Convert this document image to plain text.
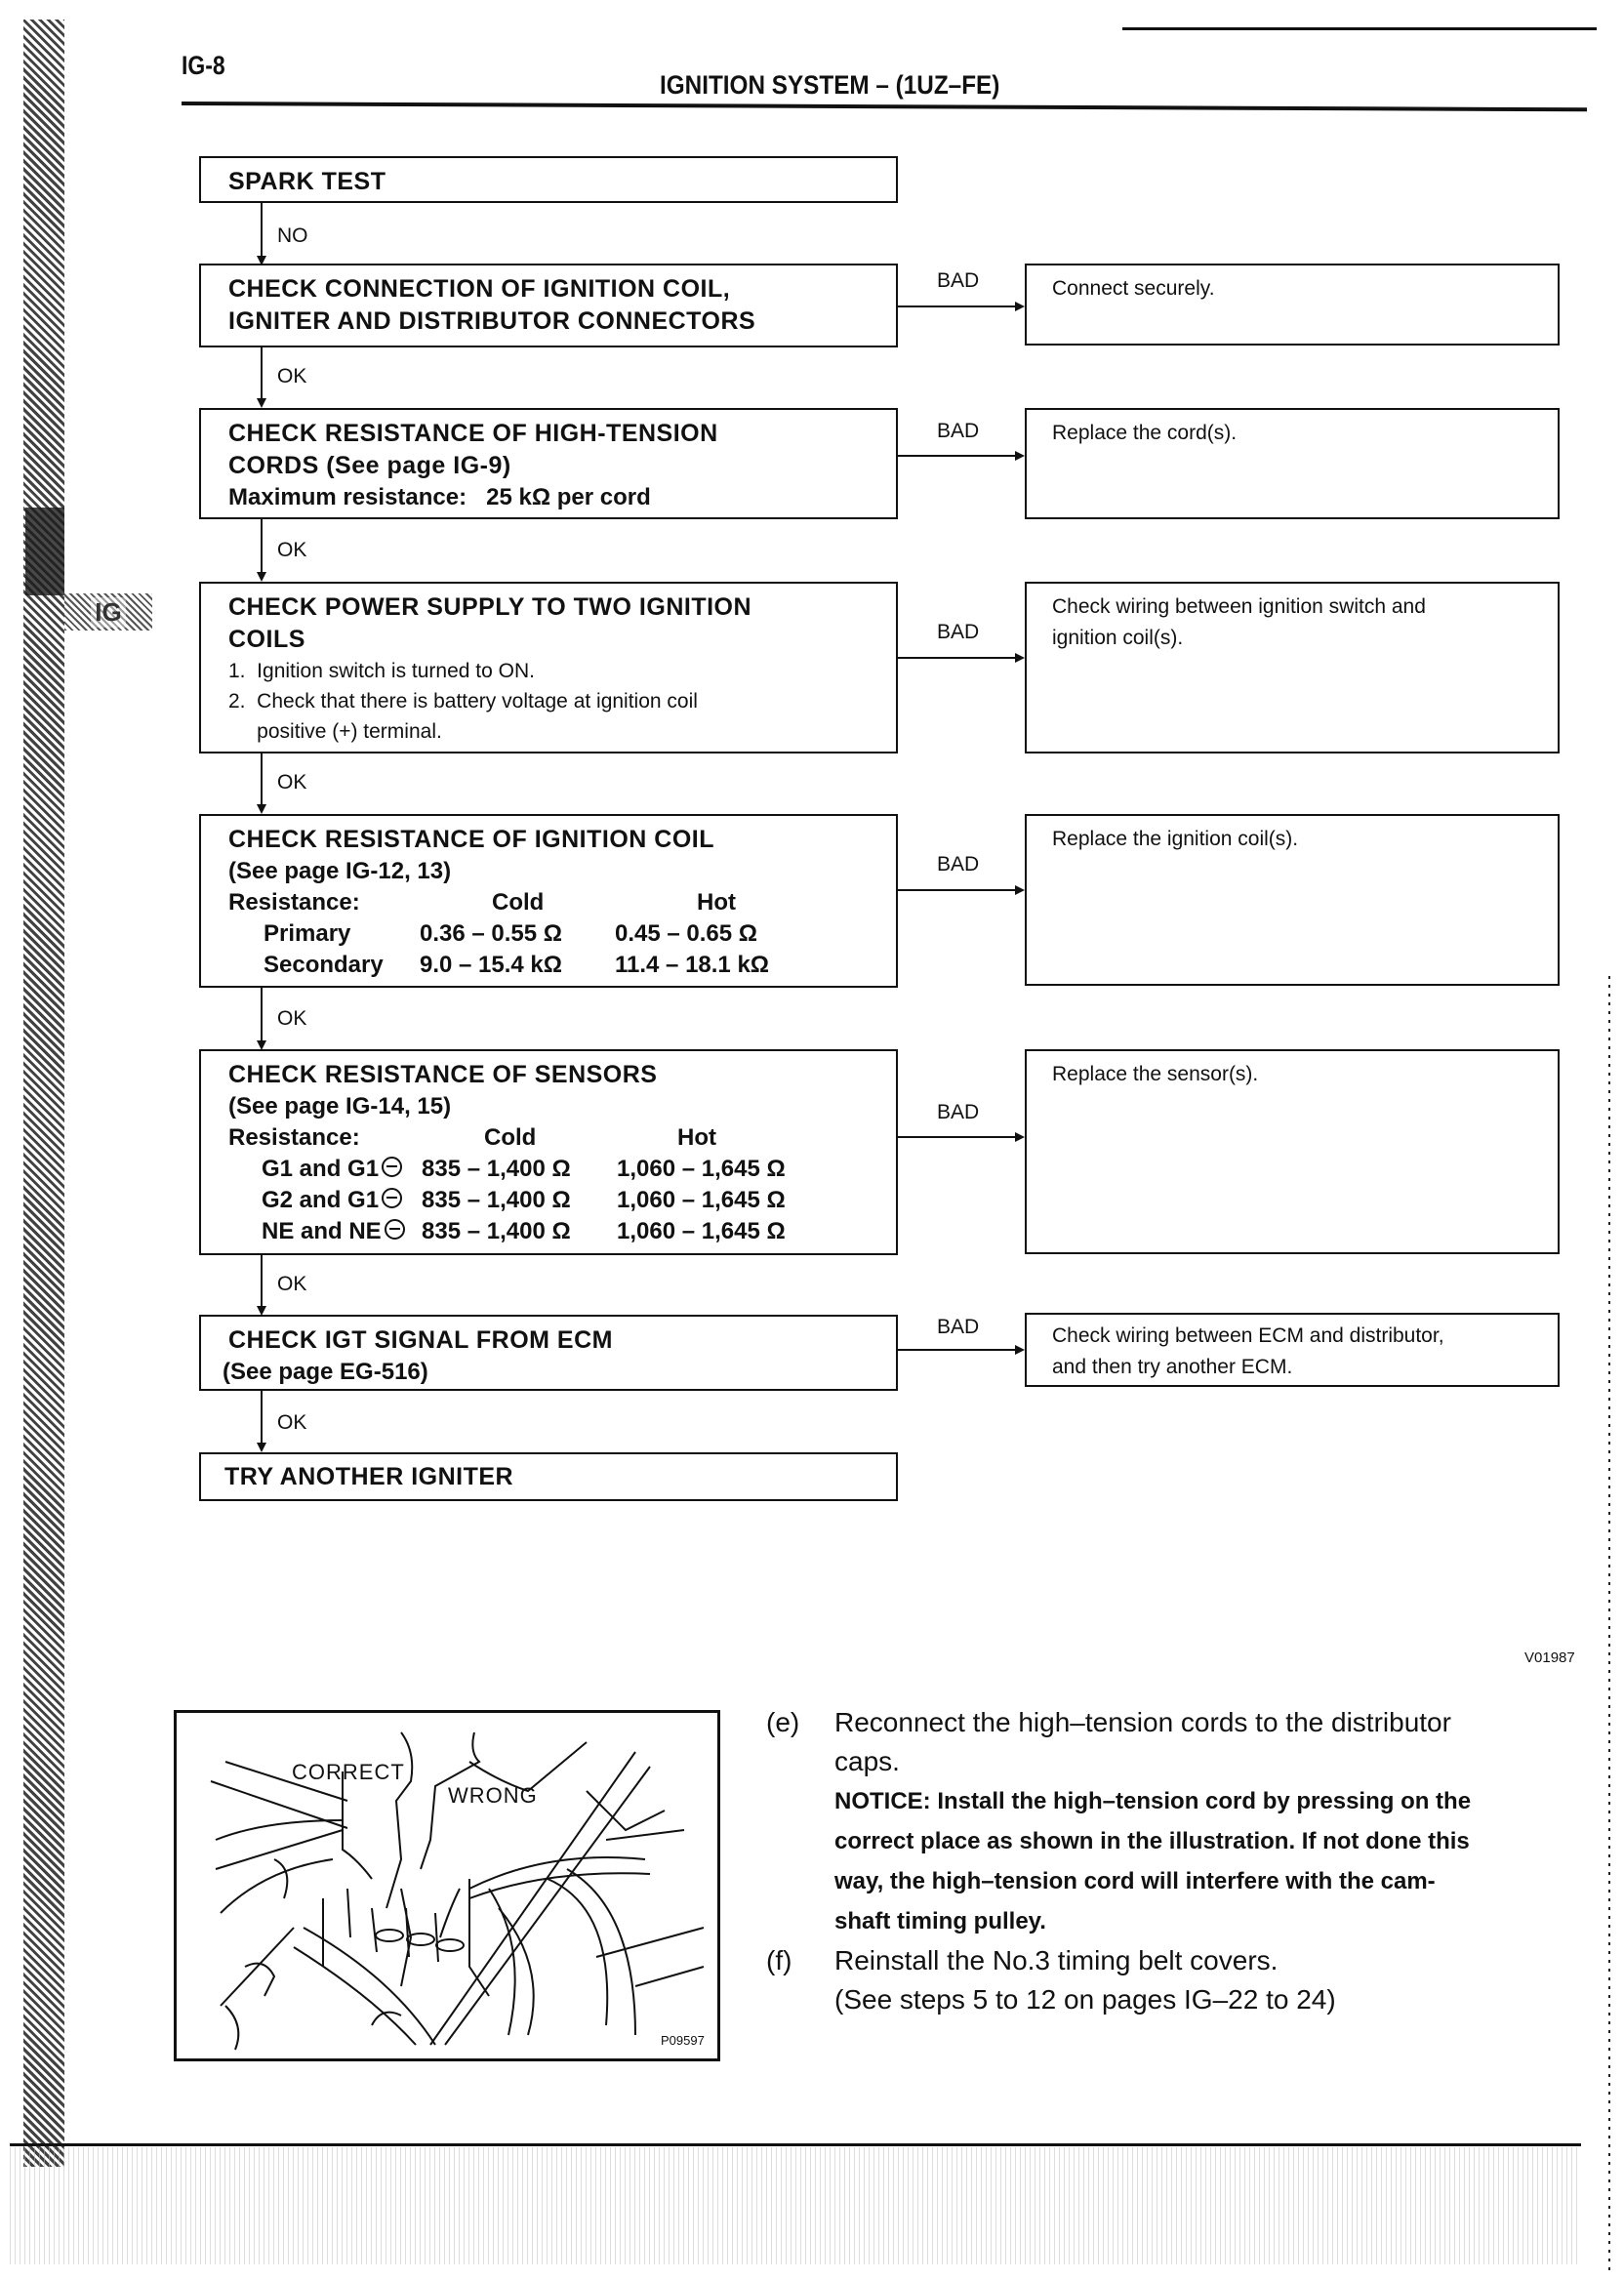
IG
IG-8
IGNITION SYSTEM – (1UZ–FE)
SPARK TEST
NO
CHECK CONNECTION OF IGNITION COIL,
IGNITER AND DISTRIBUTOR CONNECTORS
BAD	Connect securely.
OK
CHECK RESISTANCE OF HIGH-TENSION
CORDS (See page IG-9)
Maximum resistance: 25 kΩ per cord
BAD	Replace the cord(s).
OK
CHECK POWER SUPPLY TO TWO IGNITION
COILS
1.  Ignition switch is turned to ON.
2.  Check that there is battery voltage at ignition coil
positive (+) terminal.
BAD
Check wiring between ignition switch and
ignition coil(s).
OK
CHECK RESISTANCE OF IGNITION COIL
(See page IG-12, 13)
Resistance:	Cold	Hot
Primary	0.36 – 0.55 Ω	0.45 – 0.65 Ω
Secondary	9.0 – 15.4 kΩ	11.4 – 18.1 kΩ
BAD
Replace the ignition coil(s).
OK
CHECK RESISTANCE OF SENSORS
(See page IG-14, 15)
Resistance:	Cold	Hot
G1 and G1	835 – 1,400 Ω	1,060 – 1,645 Ω
G2 and G1	835 – 1,400 Ω	1,060 – 1,645 Ω
NE and NE	835 – 1,400 Ω	1,060 – 1,645 Ω
BAD
Replace the sensor(s).
OK
CHECK IGT SIGNAL FROM ECM
(See page EG-516)
BAD	Check wiring between ECM and distributor,
and then try another ECM.
OK
TRY ANOTHER IGNITER
V01987
CORRECT
WRONG
P09597
(e)	Reconnect the high–tension cords to the distributor
caps.
NOTICE: Install the high–tension cord by pressing on the
correct place as shown in the illustration. If not done this
way, the high–tension cord will interfere with the cam-
shaft timing pulley.
(f)	Reinstall the No.3 timing belt covers.
(See steps 5 to 12 on pages IG–22 to 24)
